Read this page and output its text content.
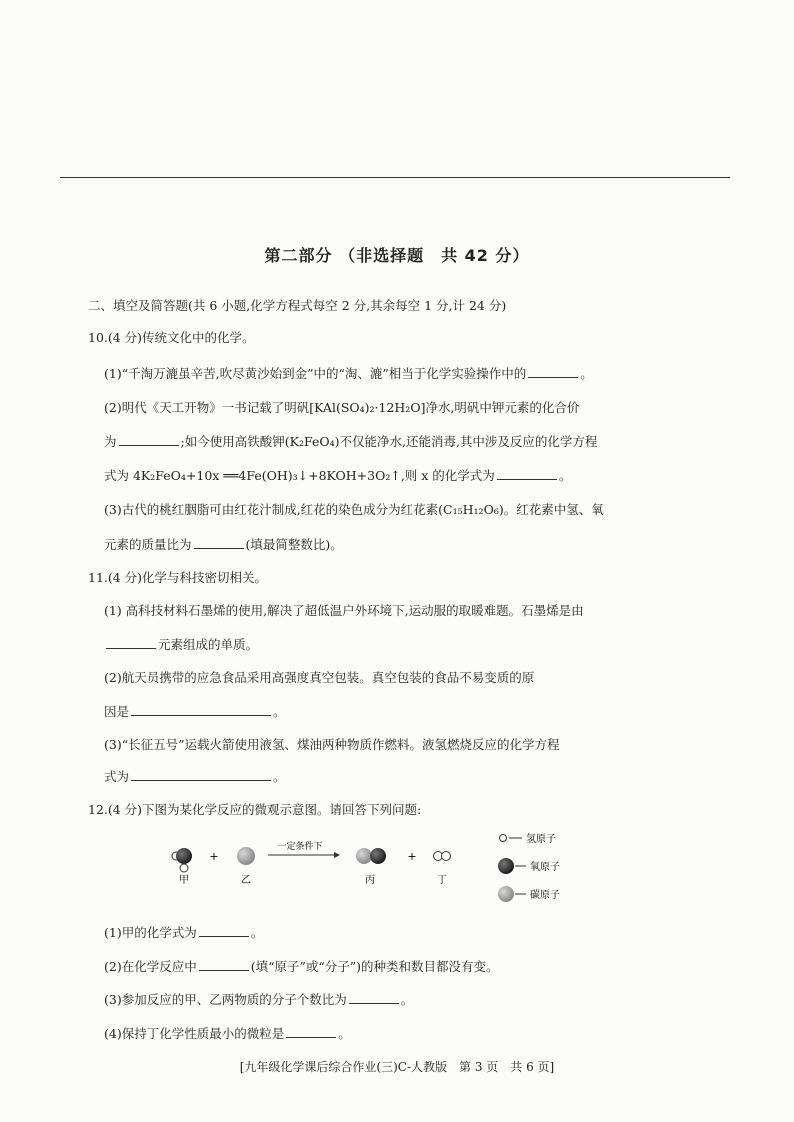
第二部分 （非选择题　共 42 分）
二、填空及简答题(共 6 小题,化学方程式每空 2 分,其余每空 1 分,计 24 分)
10.(4 分)传统文化中的化学。
(1)“千淘万漉虽辛苦,吹尽黄沙始到金”中的“淘、漉”相当于化学实验操作中的	。
(2)明代《天工开物》一书记载了明矾[KAl(SO₄)₂·12H₂O]净水,明矾中钾元素的化合价
为	;如今使用高铁酸钾(K₂FeO₄)不仅能净水,还能消毒,其中涉及反应的化学方程
式为 4K₂FeO₄+10x ══4Fe(OH)₃↓+8KOH+3O₂↑,则 x 的化学式为	。
(3)古代的桃红胭脂可由红花汁制成,红花的染色成分为红花素(C₁₅H₁₂O₆)。红花素中氢、氧
元素的质量比为	(填最简整数比)。
11.(4 分)化学与科技密切相关。
(1) 高科技材料石墨烯的使用,解决了超低温户外环境下,运动服的取暖难题。石墨烯是由
元素组成的单质。
(2)航天员携带的应急食品采用高强度真空包装。真空包装的食品不易变质的原
因是	。
(3)“长征五号”运载火箭使用液氢、煤油两种物质作燃料。液氢燃烧反应的化学方程
式为	。
12.(4 分)下图为某化学反应的微观示意图。请回答下列问题:
甲
+
乙
一定条件下
丙
+
丁
氢原子
氧原子
碳原子
(1)甲的化学式为	。
(2)在化学反应中	(填“原子”或“分子”)的种类和数目都没有变。
(3)参加反应的甲、乙两物质的分子个数比为	。
(4)保持丁化学性质最小的微粒是	。
[九年级化学课后综合作业(三)C-人教版　第 3 页　共 6 页]
